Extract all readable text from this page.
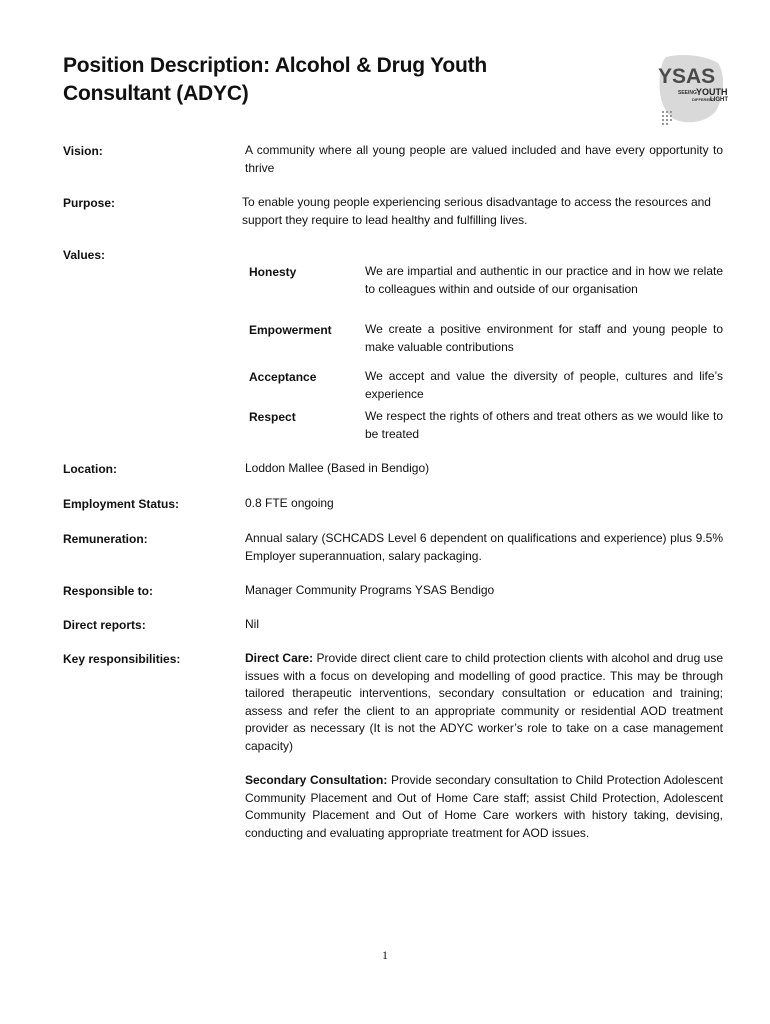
Position Description: Alcohol & Drug Youth
Consultant (ADYC)
YSAS
SEEING YOUTH
DIFFERENT
LIGHT
Vision:	A community where all young people are valued included and have every opportunity to thrive
Purpose:	To enable young people experiencing serious disadvantage to access the resources and support they require to lead healthy and fulfilling lives.
Values:
Honesty	We are impartial and authentic in our practice and in how we relate to colleagues within and outside of our organisation
Empowerment	We create a positive environment for staff and young people to make valuable contributions
Acceptance	We accept and value the diversity of people, cultures and life’s experience
Respect	We respect the rights of others and treat others as we would like to be treated
Location:	Loddon Mallee (Based in Bendigo)
Employment Status:	0.8 FTE ongoing
Remuneration:	Annual salary (SCHCADS Level 6 dependent on qualifications and experience) plus 9.5% Employer superannuation, salary packaging.
Responsible to:	Manager Community Programs YSAS Bendigo
Direct reports:	Nil
Key responsibilities:	Direct Care: Provide direct client care to child protection clients with alcohol and drug use issues with a focus on developing and modelling of good practice. This may be through tailored therapeutic interventions, secondary consultation or education and training; assess and refer the client to an appropriate community or residential AOD treatment provider as necessary (It is not the ADYC worker’s role to take on a case management capacity)
Secondary Consultation: Provide secondary consultation to Child Protection Adolescent Community Placement and Out of Home Care staff; assist Child Protection, Adolescent Community Placement and Out of Home Care workers with history taking, devising, conducting and evaluating appropriate treatment for AOD issues.
1
